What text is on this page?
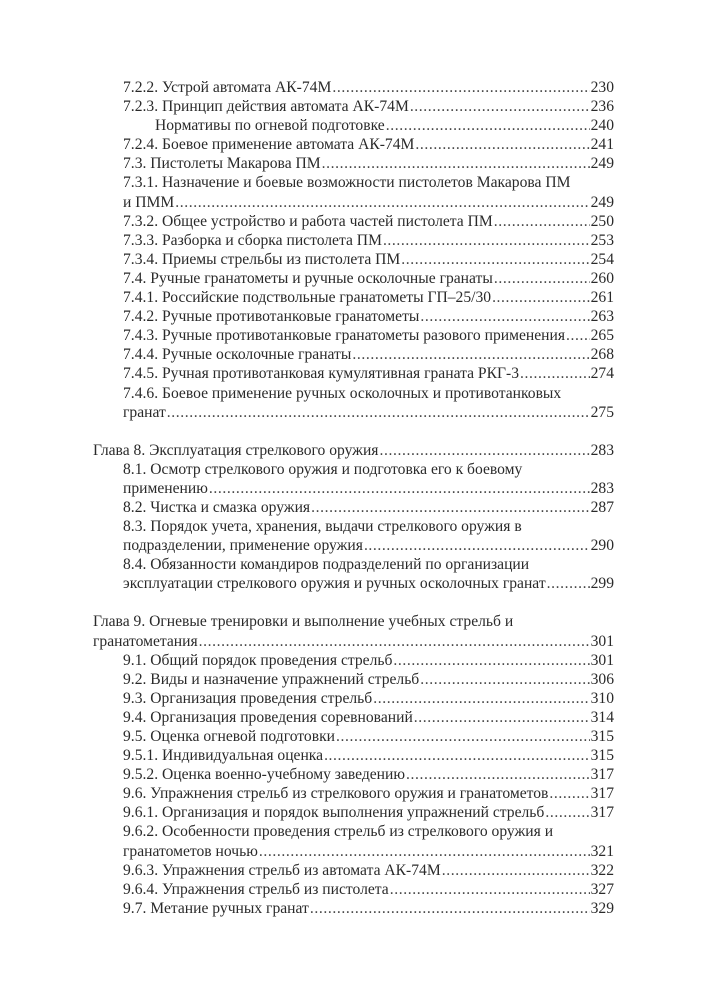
7.2.2. Устрой автомата АК-74М .....	230
7.2.3. Принцип действия автомата АК-74М .....	236
Нормативы по огневой подготовке .....	240
7.2.4. Боевое применение автомата АК-74М .....	241
7.3. Пистолеты Макарова ПМ .....	249
7.3.1. Назначение и боевые возможности пистолетов Макарова ПМ
и ПММ .....	249
7.3.2. Общее устройство и работа частей пистолета ПМ .....	250
7.3.3. Разборка и сборка пистолета ПМ .....	253
7.3.4. Приемы стрельбы из пистолета ПМ .....	254
7.4. Ручные гранатометы и ручные осколочные гранаты .....	260
7.4.1. Российские подствольные гранатометы ГП–25/30 .....	261
7.4.2. Ручные противотанковые гранатометы .....	263
7.4.3. Ручные противотанковые гранатометы разового применения ..... 265
7.4.4. Ручные осколочные гранаты .....	268
7.4.5. Ручная противотанковая кумулятивная граната РКГ-3 .....	274
7.4.6. Боевое применение ручных осколочных и противотанковых
гранат .....	275
Глава 8. Эксплуатация стрелкового оружия .....	283
8.1. Осмотр стрелкового оружия и подготовка его к боевому
применению .....	283
8.2. Чистка и смазка оружия .....	287
8.3. Порядок учета, хранения, выдачи стрелкового оружия в
подразделении, применение оружия .....	290
8.4. Обязанности командиров подразделений по организации
эксплуатации стрелкового оружия и ручных осколочных гранат .....	299
Глава 9. Огневые тренировки и выполнение учебных стрельб и
гранатометания .....	301
9.1. Общий порядок проведения стрельб .....	301
9.2. Виды и назначение упражнений стрельб .....	306
9.3. Организация проведения стрельб .....	310
9.4. Организация проведения соревнований .....	314
9.5. Оценка огневой подготовки .....	315
9.5.1. Индивидуальная оценка .....	315
9.5.2. Оценка военно-учебному заведению .....	317
9.6. Упражнения стрельб из стрелкового оружия и гранатометов .....	317
9.6.1. Организация и порядок выполнения упражнений стрельб .....	317
9.6.2. Особенности проведения стрельб из стрелкового оружия и
гранатометов ночью .....	321
9.6.3. Упражнения стрельб из автомата АК-74М .....	322
9.6.4. Упражнения стрельб из пистолета .....	327
9.7. Метание ручных гранат .....	329
